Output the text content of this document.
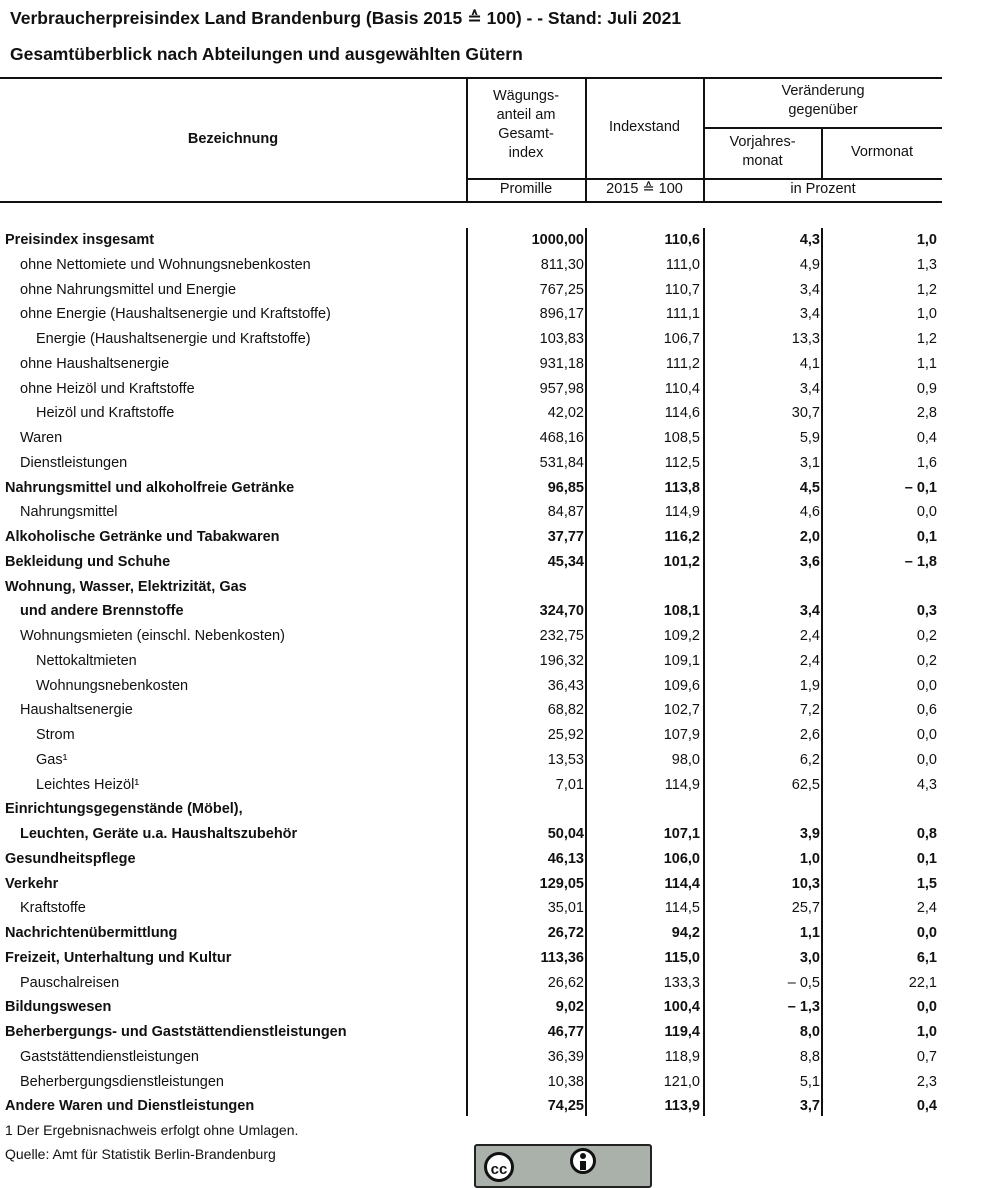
Verbraucherpreisindex Land Brandenburg (Basis 2015 ≙ 100) - - Stand: Juli 2021
Gesamtüberblick nach Abteilungen und ausgewählten Gütern
Bezeichnung
Wägungs-
anteil am
Gesamt-
index
Indexstand
Veränderung
gegenüber
Vorjahres-
monat
Vormonat
Promille	2015 ≙ 100	in Prozent
Preisindex insgesamt	1000,00	110,6	4,3	1,0
ohne Nettomiete und Wohnungsnebenkosten	811,30	111,0	4,9	1,3
ohne Nahrungsmittel und Energie	767,25	110,7	3,4	1,2
ohne Energie (Haushaltsenergie und Kraftstoffe)	896,17	111,1	3,4	1,0
Energie (Haushaltsenergie und Kraftstoffe)	103,83	106,7	13,3	1,2
ohne Haushaltsenergie	931,18	111,2	4,1	1,1
ohne Heizöl und Kraftstoffe	957,98	110,4	3,4	0,9
Heizöl und Kraftstoffe	42,02	114,6	30,7	2,8
Waren	468,16	108,5	5,9	0,4
Dienstleistungen	531,84	112,5	3,1	1,6
Nahrungsmittel und alkoholfreie Getränke	96,85	113,8	4,5	– 0,1
Nahrungsmittel	84,87	114,9	4,6	0,0
Alkoholische Getränke und Tabakwaren	37,77	116,2	2,0	0,1
Bekleidung und Schuhe	45,34	101,2	3,6	– 1,8
Wohnung, Wasser, Elektrizität, Gas
und andere Brennstoffe	324,70	108,1	3,4	0,3
Wohnungsmieten (einschl. Nebenkosten)	232,75	109,2	2,4	0,2
Nettokaltmieten	196,32	109,1	2,4	0,2
Wohnungsnebenkosten	36,43	109,6	1,9	0,0
Haushaltsenergie	68,82	102,7	7,2	0,6
Strom	25,92	107,9	2,6	0,0
Gas¹	13,53	98,0	6,2	0,0
Leichtes Heizöl¹	7,01	114,9	62,5	4,3
Einrichtungsgegenstände (Möbel),
Leuchten, Geräte u.a. Haushaltszubehör	50,04	107,1	3,9	0,8
Gesundheitspflege	46,13	106,0	1,0	0,1
Verkehr	129,05	114,4	10,3	1,5
Kraftstoffe	35,01	114,5	25,7	2,4
Nachrichtenübermittlung	26,72	94,2	1,1	0,0
Freizeit, Unterhaltung und Kultur	113,36	115,0	3,0	6,1
Pauschalreisen	26,62	133,3	– 0,5	22,1
Bildungswesen	9,02	100,4	– 1,3	0,0
Beherbergungs- und Gaststättendienstleistungen	46,77	119,4	8,0	1,0
Gaststättendienstleistungen	36,39	118,9	8,8	0,7
Beherbergungsdienstleistungen	10,38	121,0	5,1	2,3
Andere Waren und Dienstleistungen	74,25	113,9	3,7	0,4
1 Der Ergebnisnachweis erfolgt ohne Umlagen.
Quelle: Amt für Statistik Berlin-Brandenburg
cc
